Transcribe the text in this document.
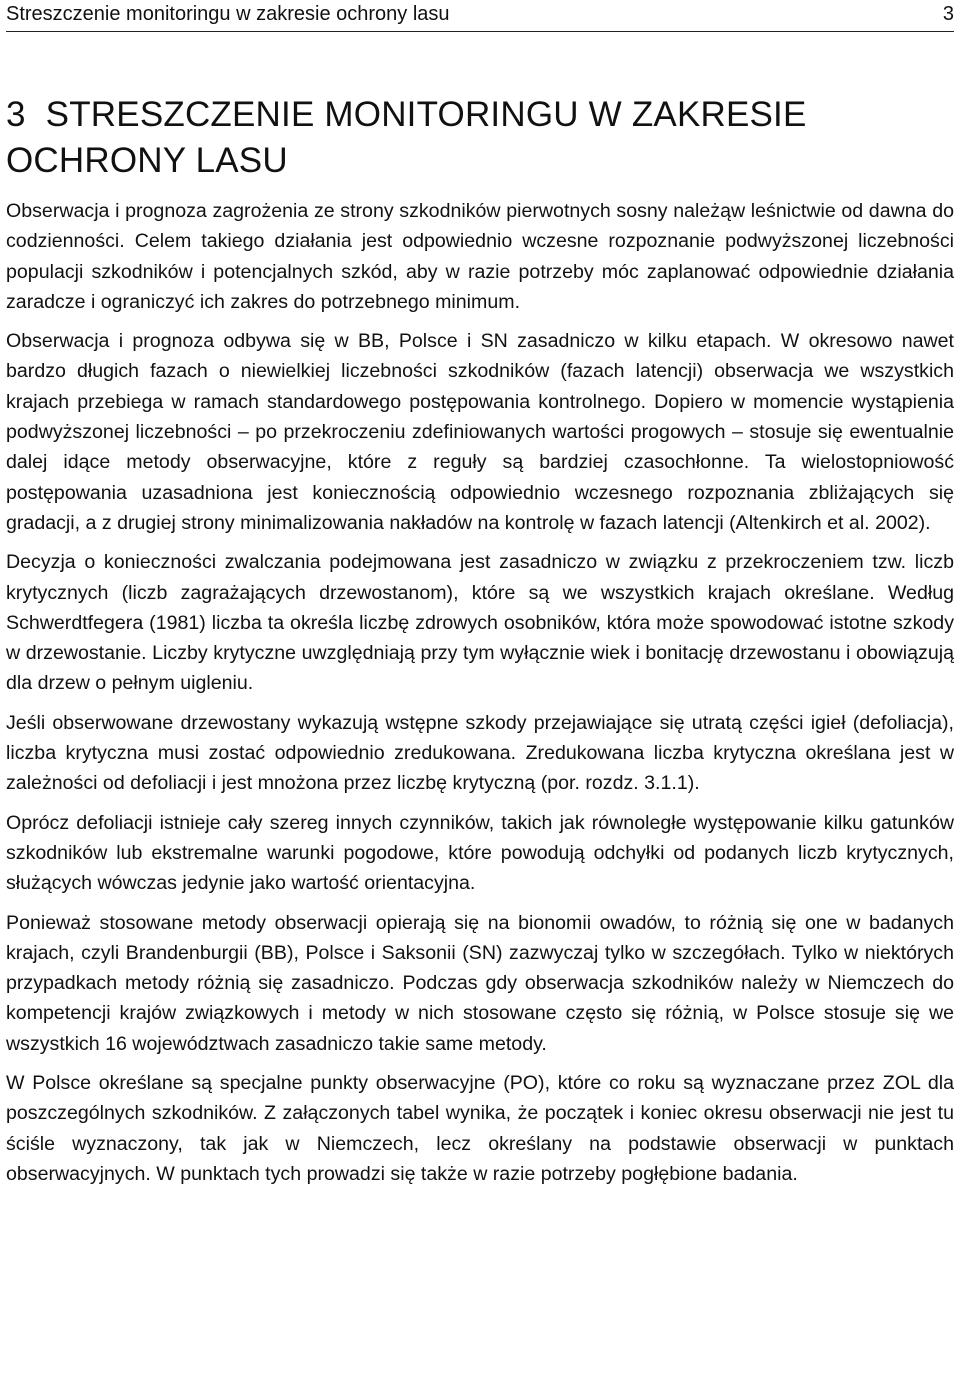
Streszczenie monitoringu w zakresie ochrony lasu	3
3 STRESZCZENIE MONITORINGU W ZAKRESIE OCHRONY LASU

Obserwacja i prognoza zagrożenia ze strony szkodników pierwotnych sosny należąw leśnictwie od dawna do codzienności. Celem takiego działania jest odpowiednio wczesne rozpoznanie podwyższonej liczebności populacji szkodników i potencjalnych szkód, aby w razie potrzeby móc zaplanować odpowiednie działania zaradcze i ograniczyć ich zakres do potrzebnego minimum.

Obserwacja i prognoza odbywa się w BB, Polsce i SN zasadniczo w kilku etapach. W okresowo nawet bardzo długich fazach o niewielkiej liczebności szkodników (fazach latencji) obserwacja we wszystkich krajach przebiega w ramach standardowego postępowania kontrolnego. Dopiero w momencie wystąpienia podwyższonej liczebności – po przekroczeniu zdefiniowanych wartości progowych – stosuje się ewentualnie dalej idące metody obserwacyjne, które z reguły są bardziej czasochłonne. Ta wielostopniowość postępowania uzasadniona jest koniecznością odpowiednio wczesnego rozpoznania zbliżających się gradacji, a z drugiej strony minimalizowania nakładów na kontrolę w fazach latencji (Altenkirch et al. 2002).

Decyzja o konieczności zwalczania podejmowana jest zasadniczo w związku z przekroczeniem tzw. liczb krytycznych (liczb zagrażających drzewostanom), które są we wszystkich krajach określane. Według Schwerdtfegera (1981) liczba ta określa liczbę zdrowych osobników, która może spowodować istotne szkody w drzewostanie. Liczby krytyczne uwzględniają przy tym wyłącznie wiek i bonitację drzewostanu i obowiązują dla drzew o pełnym uigleniu.

Jeśli obserwowane drzewostany wykazują wstępne szkody przejawiające się utratą części igieł (defoliacja), liczba krytyczna musi zostać odpowiednio zredukowana. Zredukowana liczba krytyczna określana jest w zależności od defoliacji i jest mnożona przez liczbę krytyczną (por. rozdz. 3.1.1).

Oprócz defoliacji istnieje cały szereg innych czynników, takich jak równoległe występowanie kilku gatunków szkodników lub ekstremalne warunki pogodowe, które powodują odchyłki od podanych liczb krytycznych, służących wówczas jedynie jako wartość orientacyjna.

Ponieważ stosowane metody obserwacji opierają się na bionomii owadów, to różnią się one w badanych krajach, czyli Brandenburgii (BB), Polsce i Saksonii (SN) zazwyczaj tylko w szczegółach. Tylko w niektórych przypadkach metody różnią się zasadniczo. Podczas gdy obserwacja szkodników należy w Niemczech do kompetencji krajów związkowych i metody w nich stosowane często się różnią, w Polsce stosuje się we wszystkich 16 województwach zasadniczo takie same metody.

W Polsce określane są specjalne punkty obserwacyjne (PO), które co roku są wyznaczane przez ZOL dla poszczególnych szkodników. Z załączonych tabel wynika, że początek i koniec okresu obserwacji nie jest tu ściśle wyznaczony, tak jak w Niemczech, lecz określany na podstawie obserwacji w punktach obserwacyjnych. W punktach tych prowadzi się także w razie potrzeby pogłębione badania.
